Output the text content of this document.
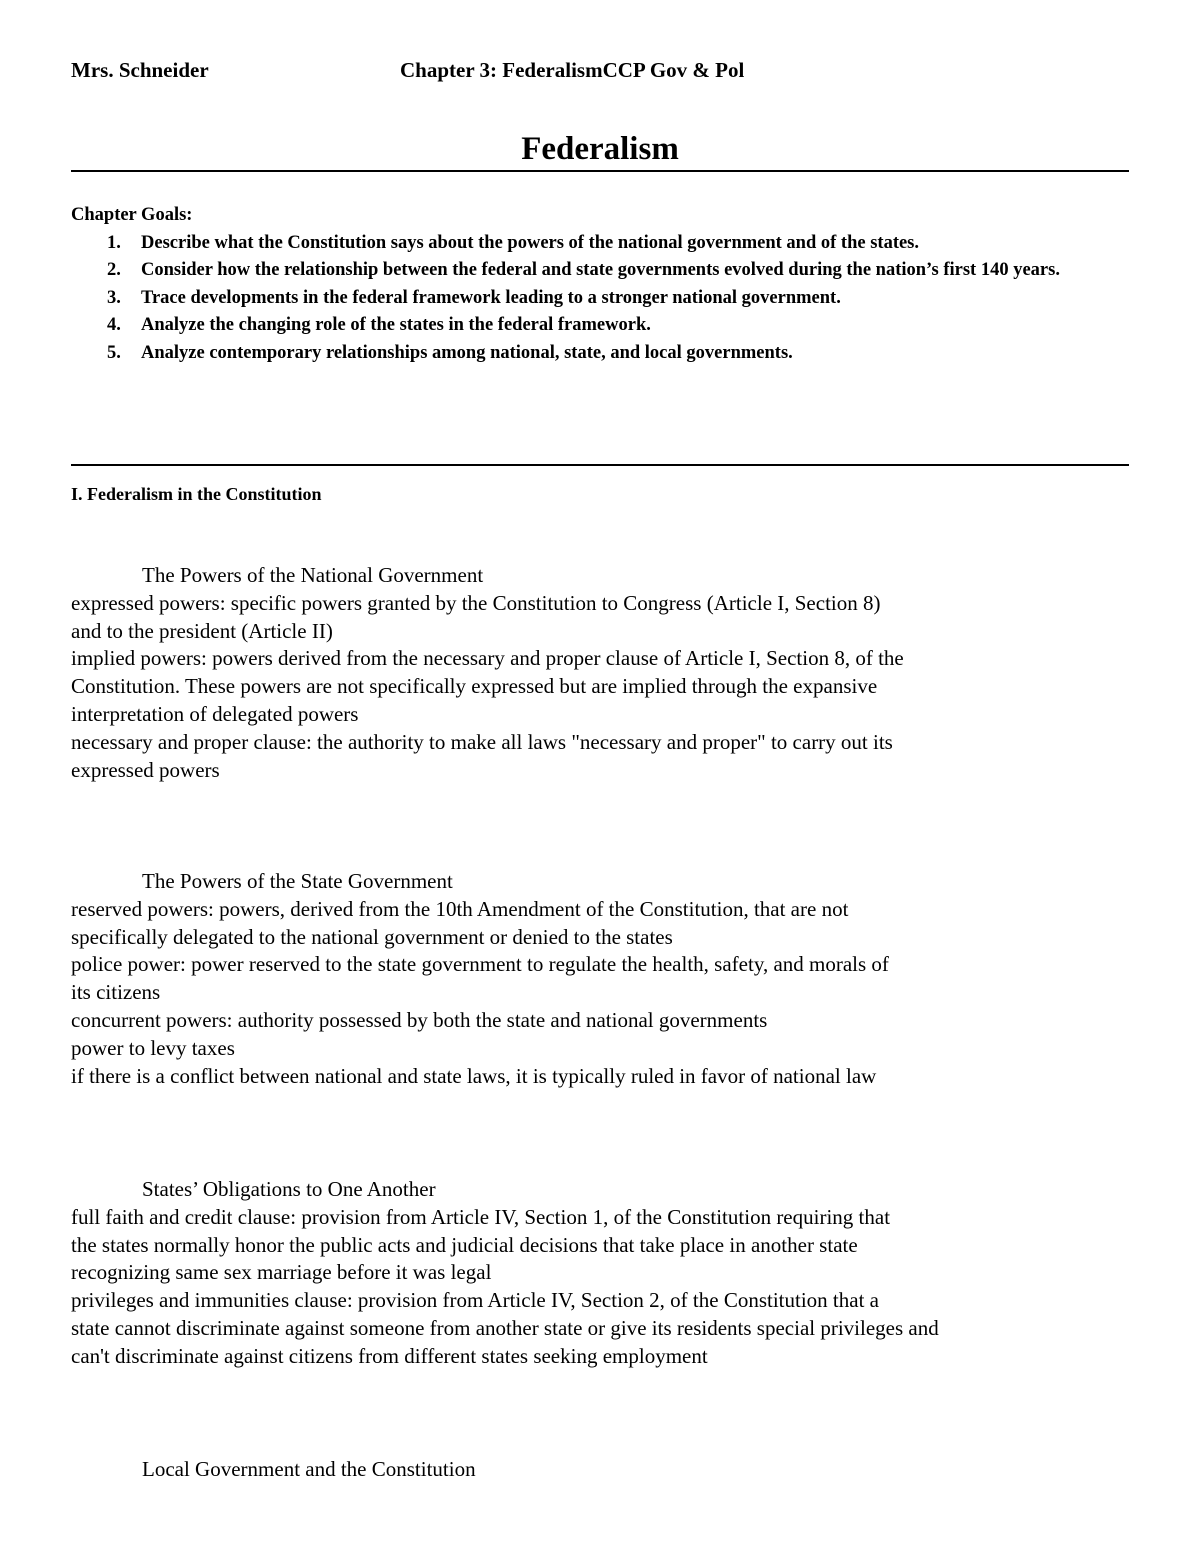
Mrs. Schneider	Chapter 3: FederalismCCP Gov & Pol
Federalism
Chapter Goals:
1. Describe what the Constitution says about the powers of the national government and of the states.
2. Consider how the relationship between the federal and state governments evolved during the nation’s first 140 years.
3. Trace developments in the federal framework leading to a stronger national government.
4. Analyze the changing role of the states in the federal framework.
5. Analyze contemporary relationships among national, state, and local governments.
I. Federalism in the Constitution
The Powers of the National Government

expressed powers: specific powers granted by the Constitution to Congress (Article I, Section 8)

and to the president (Article II)

implied powers: powers derived from the necessary and proper clause of Article I, Section 8, of the

Constitution. These powers are not specifically expressed but are implied through the expansive

interpretation of delegated powers

necessary and proper clause: the authority to make all laws "necessary and proper" to carry out its

expressed powers

The Powers of the State Government

reserved powers: powers, derived from the 10th Amendment of the Constitution, that are not

specifically delegated to the national government or denied to the states

police power: power reserved to the state government to regulate the health, safety, and morals of

its citizens

concurrent powers: authority possessed by both the state and national governments

power to levy taxes

if there is a conflict between national and state laws, it is typically ruled in favor of national law

States’ Obligations to One Another

full faith and credit clause: provision from Article IV, Section 1, of the Constitution requiring that

the states normally honor the public acts and judicial decisions that take place in another state

recognizing same sex marriage before it was legal

privileges and immunities clause: provision from Article IV, Section 2, of the Constitution that a

state cannot discriminate against someone from another state or give its residents special privileges and

can't discriminate against citizens from different states seeking employment

Local Government and the Constitution
